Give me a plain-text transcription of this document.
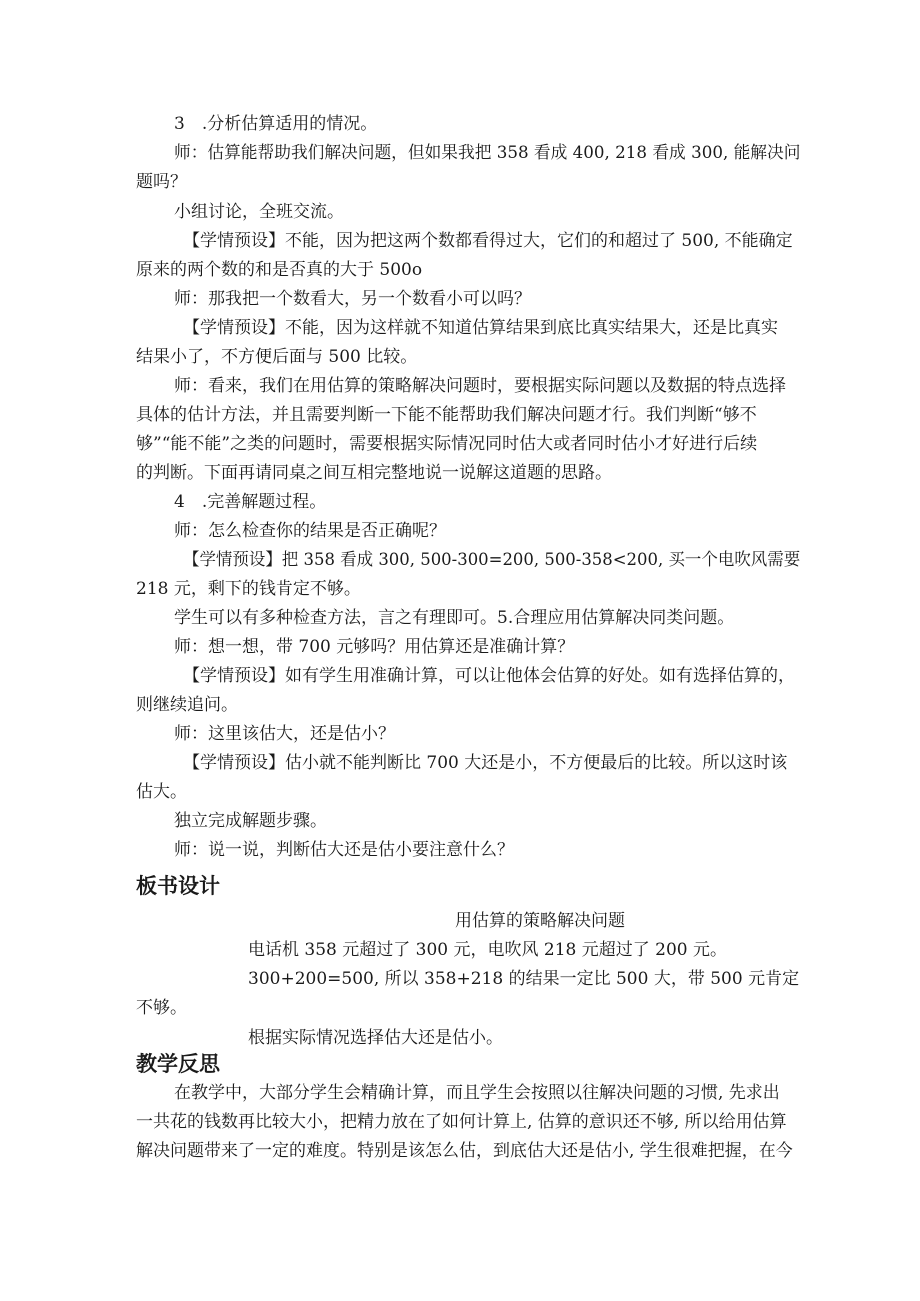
3　.分析估算适用的情况。
师：估算能帮助我们解决问题，但如果我把 358 看成 400, 218 看成 300, 能解决问
题吗？
小组讨论，全班交流。
【学情预设】不能，因为把这两个数都看得过大，它们的和超过了 500, 不能确定
原来的两个数的和是否真的大于 500o
师：那我把一个数看大，另一个数看小可以吗？
【学情预设】不能，因为这样就不知道估算结果到底比真实结果大，还是比真实
结果小了，不方便后面与 500 比较。
师：看来，我们在用估算的策略解决问题时，要根据实际问题以及数据的特点选择
具体的估计方法，并且需要判断一下能不能帮助我们解决问题才行。我们判断“够不
够”“能不能”之类的问题时，需要根据实际情况同时估大或者同时估小才好进行后续
的判断。下面再请同桌之间互相完整地说一说解这道题的思路。
4　.完善解题过程。
师：怎么检查你的结果是否正确呢？
【学情预设】把 358 看成 300, 500-300=200, 500-358<200, 买一个电吹风需要
218 元，剩下的钱肯定不够。
学生可以有多种检查方法，言之有理即可。5.合理应用估算解决同类问题。
师：想一想，带 700 元够吗？用估算还是准确计算？
【学情预设】如有学生用准确计算，可以让他体会估算的好处。如有选择估算的，
则继续追问。
师：这里该估大，还是估小？
【学情预设】估小就不能判断比 700 大还是小，不方便最后的比较。所以这时该
估大。
独立完成解题步骤。
师：说一说，判断估大还是估小要注意什么？
板书设计
用估算的策略解决问题
电话机 358 元超过了 300 元，电吹风 218 元超过了 200 元。
300+200=500, 所以 358+218 的结果一定比 500 大，带 500 元肯定
不够。
根据实际情况选择估大还是估小。
教学反思
在教学中，大部分学生会精确计算，而且学生会按照以往解决问题的习惯, 先求出
一共花的钱数再比较大小，把精力放在了如何计算上, 估算的意识还不够, 所以给用估算
解决问题带来了一定的难度。特别是该怎么估，到底估大还是估小, 学生很难把握，在今
